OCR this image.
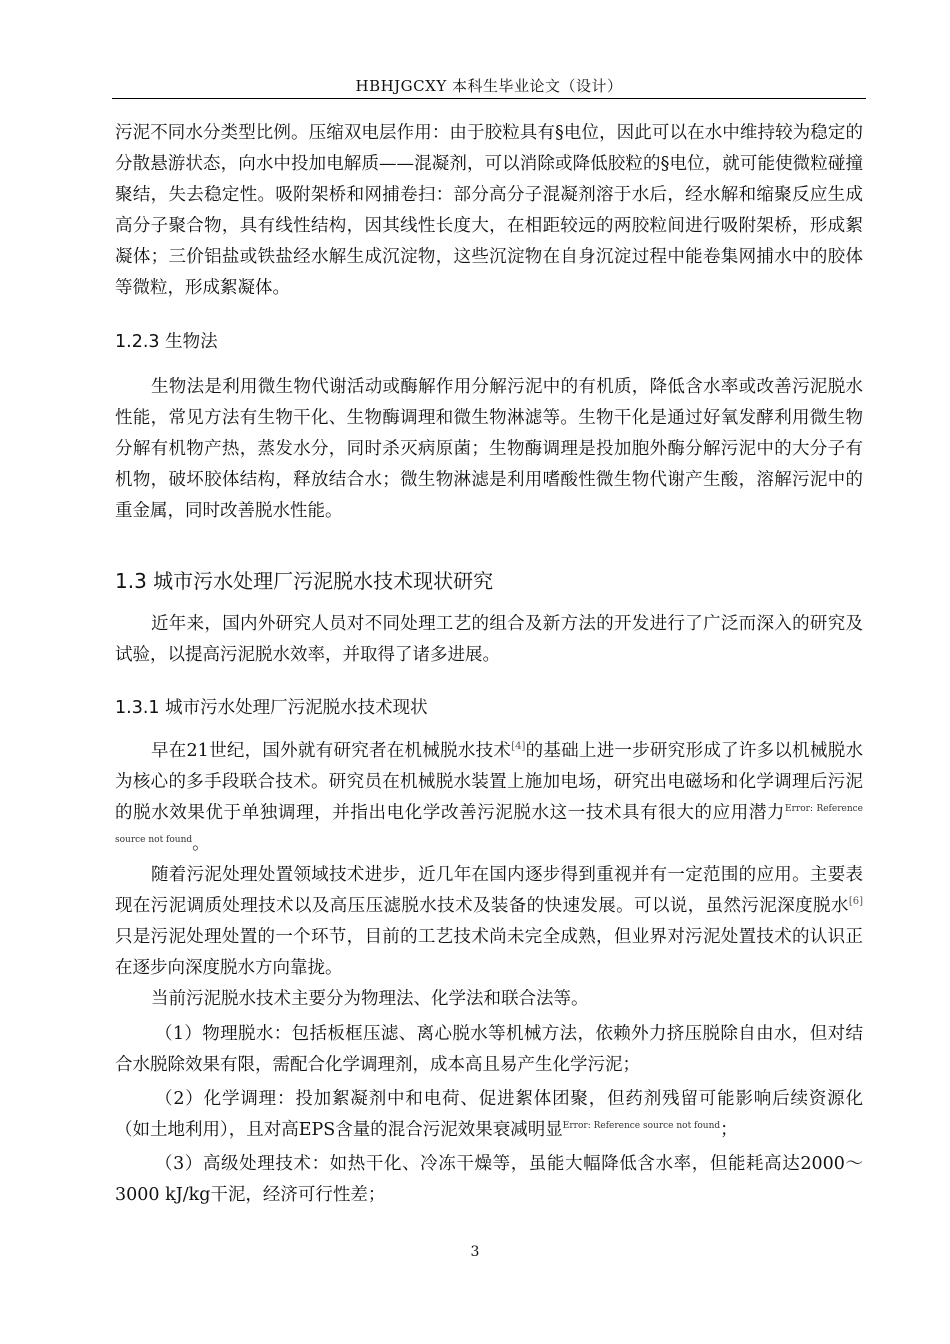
HBHJGCXY 本科生毕业论文（设计）
污泥不同水分类型比例。压缩双电层作用：由于胶粒具有§电位，因此可以在水中维持较为稳定的分散悬游状态，向水中投加电解质——混凝剂，可以消除或降低胶粒的§电位，就可能使微粒碰撞聚结，失去稳定性。吸附架桥和网捕卷扫：部分高分子混凝剂溶于水后，经水解和缩聚反应生成高分子聚合物，具有线性结构，因其线性长度大，在相距较远的两胶粒间进行吸附架桥，形成絮凝体；三价铝盐或铁盐经水解生成沉淀物，这些沉淀物在自身沉淀过程中能卷集网捕水中的胶体等微粒，形成絮凝体。
1.2.3 生物法
生物法是利用微生物代谢活动或酶解作用分解污泥中的有机质，降低含水率或改善污泥脱水性能，常见方法有生物干化、生物酶调理和微生物淋滤等。生物干化是通过好氧发酵利用微生物分解有机物产热，蒸发水分，同时杀灭病原菌；生物酶调理是投加胞外酶分解污泥中的大分子有机物，破坏胶体结构，释放结合水；微生物淋滤是利用嗜酸性微生物代谢产生酸，溶解污泥中的重金属，同时改善脱水性能。
1.3 城市污水处理厂污泥脱水技术现状研究
近年来，国内外研究人员对不同处理工艺的组合及新方法的开发进行了广泛而深入的研究及试验，以提高污泥脱水效率，并取得了诸多进展。
1.3.1 城市污水处理厂污泥脱水技术现状
早在21世纪，国外就有研究者在机械脱水技术[4]的基础上进一步研究形成了许多以机械脱水为核心的多手段联合技术。研究员在机械脱水装置上施加电场，研究出电磁场和化学调理后污泥的脱水效果优于单独调理，并指出电化学改善污泥脱水这一技术具有很大的应用潜力$^{Error: Reference source not found}$。
随着污泥处理处置领域技术进步，近几年在国内逐步得到重视并有一定范围的应用。主要表现在污泥调质处理技术以及高压压滤脱水技术及装备的快速发展。可以说，虽然污泥深度脱水[6]只是污泥处理处置的一个环节，目前的工艺技术尚未完全成熟，但业界对污泥处置技术的认识正在逐步向深度脱水方向靠拢。
当前污泥脱水技术主要分为物理法、化学法和联合法等。
（1）物理脱水：包括板框压滤、离心脱水等机械方法，依赖外力挤压脱除自由水，但对结合水脱除效果有限，需配合化学调理剂，成本高且易产生化学污泥；
（2）化学调理：投加絮凝剂中和电荷、促进絮体团聚，但药剂残留可能影响后续资源化（如土地利用），且对高EPS含量的混合污泥效果衰减明显$^{Error: Reference source not found}$；
（3）高级处理技术：如热干化、冷冻干燥等，虽能大幅降低含水率，但能耗高达2000～3000 kJ/kg干泥，经济可行性差；
3
